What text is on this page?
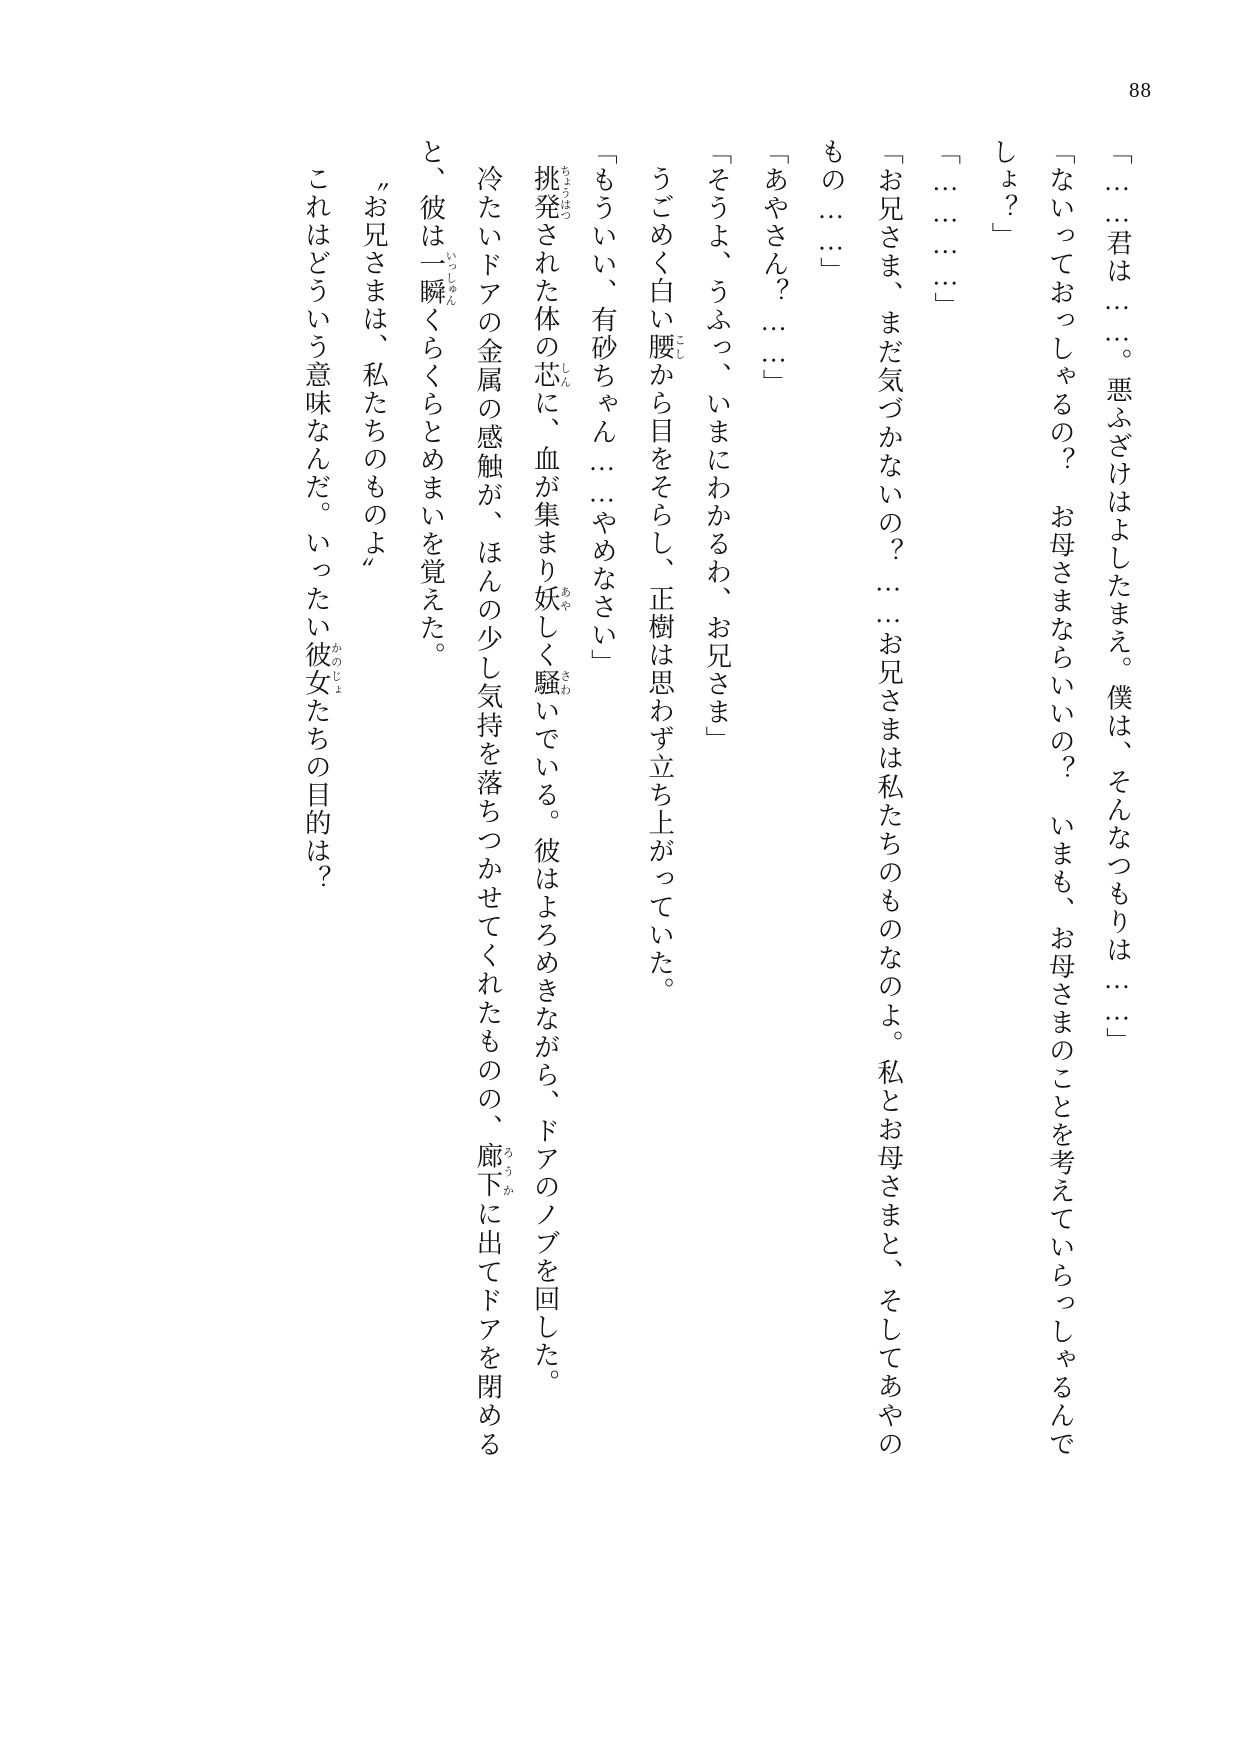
88

「……君は……。悪ふざけはよしたまえ。僕は、そんなつもりは……」

「ないっておっしゃるの？　お母さまならいいの？　いまも、お母さまのことを考えていらっしゃるんでしょ？」

「…………」

「お兄さま、まだ気づかないの？……お兄さまは私たちのものなのよ。私とお母さまと、そしてあやのもの……」

「あやさん？……」

「そうよ、うふっ、いまにわかるわ、お兄さま」

うごめく白い腰 こしから目をそらし、正樹は思わず立ち上がっていた。

「もういい、有砂ちゃん……やめなさい」

挑発 ちょうはつされた体の芯 しんに、血が集まり妖 あやしく騒 さわいでいる。彼はよろめきながら、ドアのノブを回した。

冷たいドアの金属の感触が、ほんの少し気持を落ちつかせてくれたものの、廊下 ろうかに出てドアを閉めると、彼は一瞬 いっしゅんくらくらとめまいを覚えた。

〝お兄さまは、私たちのものよ〟

これはどういう意味なんだ。いったい彼女 かのじょたちの目的は？
